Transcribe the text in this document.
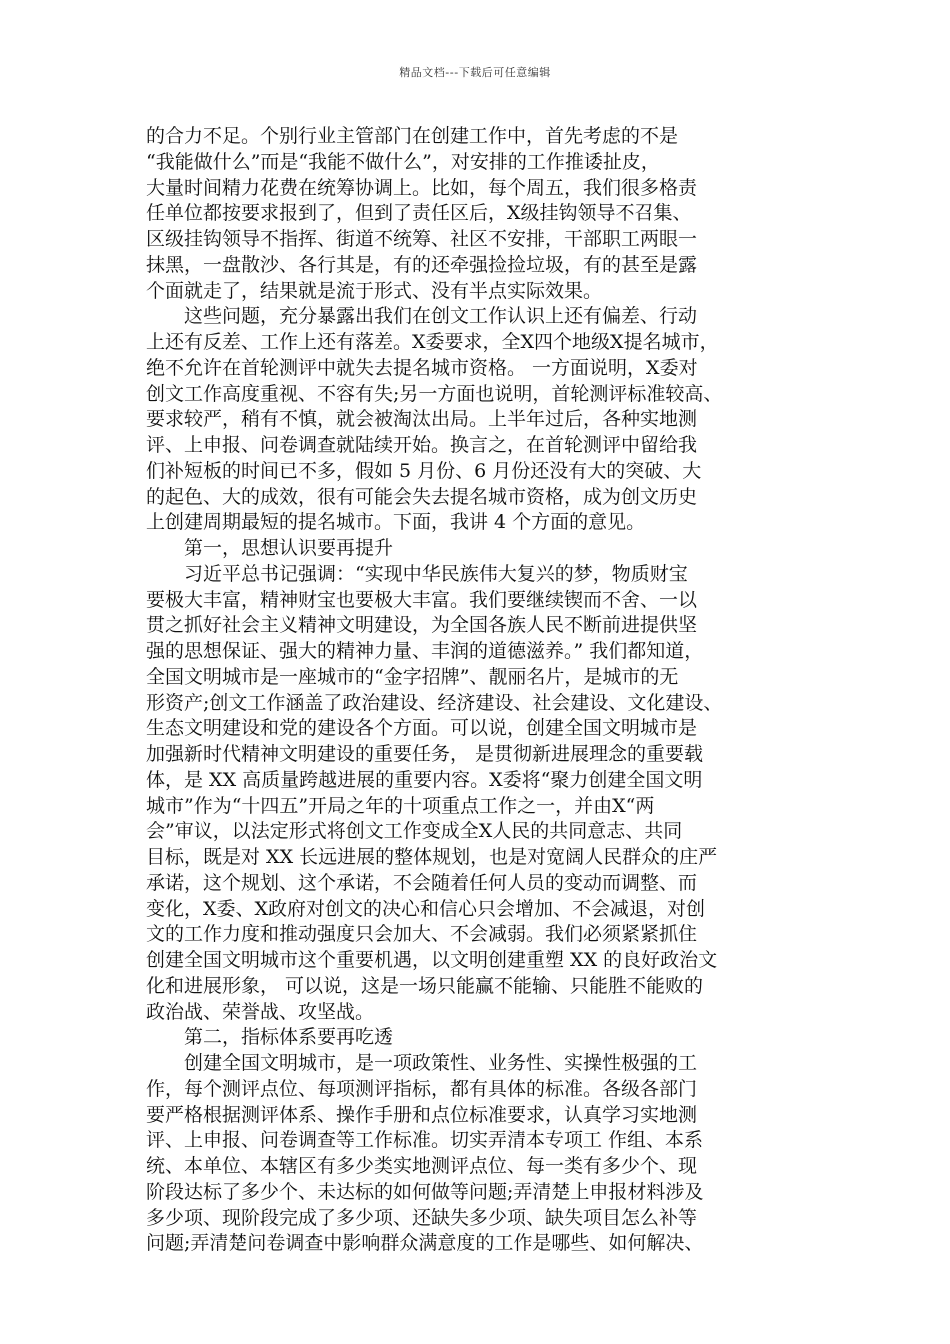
精品文档---下载后可任意编辑
的合力不足。个别行业主管部门在创建工作中，首先考虑的不是
“我能做什么”而是“我能不做什么”，对安排的工作推诿扯皮，
大量时间精力花费在统筹协调上。比如，每个周五，我们很多格责
任单位都按要求报到了，但到了责任区后，X级挂钩领导不召集、
区级挂钩领导不指挥、街道不统筹、社区不安排，干部职工两眼一
抹黑，一盘散沙、各行其是，有的还牵强捡捡垃圾，有的甚至是露
个面就走了，结果就是流于形式、没有半点实际效果。
　　这些问题，充分暴露出我们在创文工作认识上还有偏差、行动
上还有反差、工作上还有落差。X委要求，全X四个地级X提名城市，
绝不允许在首轮测评中就失去提名城市资格。 一方面说明，X委对
创文工作高度重视、不容有失;另一方面也说明，首轮测评标准较高、
要求较严，稍有不慎，就会被淘汰出局。上半年过后，各种实地测
评、上申报、问卷调查就陆续开始。换言之，在首轮测评中留给我
们补短板的时间已不多，假如 5 月份、6 月份还没有大的突破、大
的起色、大的成效，很有可能会失去提名城市资格，成为创文历史
上创建周期最短的提名城市。下面，我讲 4 个方面的意见。
　　第一，思想认识要再提升
　　习近平总书记强调：“实现中华民族伟大复兴的梦，物质财宝
要极大丰富，精神财宝也要极大丰富。我们要继续锲而不舍、一以
贯之抓好社会主义精神文明建设，为全国各族人民不断前进提供坚
强的思想保证、强大的精神力量、丰润的道德滋养。” 我们都知道，
全国文明城市是一座城市的“金字招牌”、靓丽名片，是城市的无
形资产;创文工作涵盖了政治建设、经济建设、社会建设、文化建设、
生态文明建设和党的建设各个方面。可以说，创建全国文明城市是
加强新时代精神文明建设的重要任务， 是贯彻新进展理念的重要载
体，是 XX 高质量跨越进展的重要内容。X委将“聚力创建全国文明
城市”作为“十四五”开局之年的十项重点工作之一，并由X“两
会”审议，以法定形式将创文工作变成全X人民的共同意志、共同
目标，既是对 XX 长远进展的整体规划，也是对宽阔人民群众的庄严
承诺，这个规划、这个承诺，不会随着任何人员的变动而调整、而
变化，X委、X政府对创文的决心和信心只会增加、不会减退，对创
文的工作力度和推动强度只会加大、不会减弱。我们必须紧紧抓住
创建全国文明城市这个重要机遇，以文明创建重塑 XX 的良好政治文
化和进展形象， 可以说，这是一场只能赢不能输、只能胜不能败的
政治战、荣誉战、攻坚战。
　　第二，指标体系要再吃透
　　创建全国文明城市，是一项政策性、业务性、实操性极强的工
作，每个测评点位、每项测评指标，都有具体的标准。各级各部门
要严格根据测评体系、操作手册和点位标准要求，认真学习实地测
评、上申报、问卷调查等工作标准。切实弄清本专项工 作组、本系
统、本单位、本辖区有多少类实地测评点位、每一类有多少个、现
阶段达标了多少个、未达标的如何做等问题;弄清楚上申报材料涉及
多少项、现阶段完成了多少项、还缺失多少项、缺失项目怎么补等
问题;弄清楚问卷调查中影响群众满意度的工作是哪些、如何解决、
